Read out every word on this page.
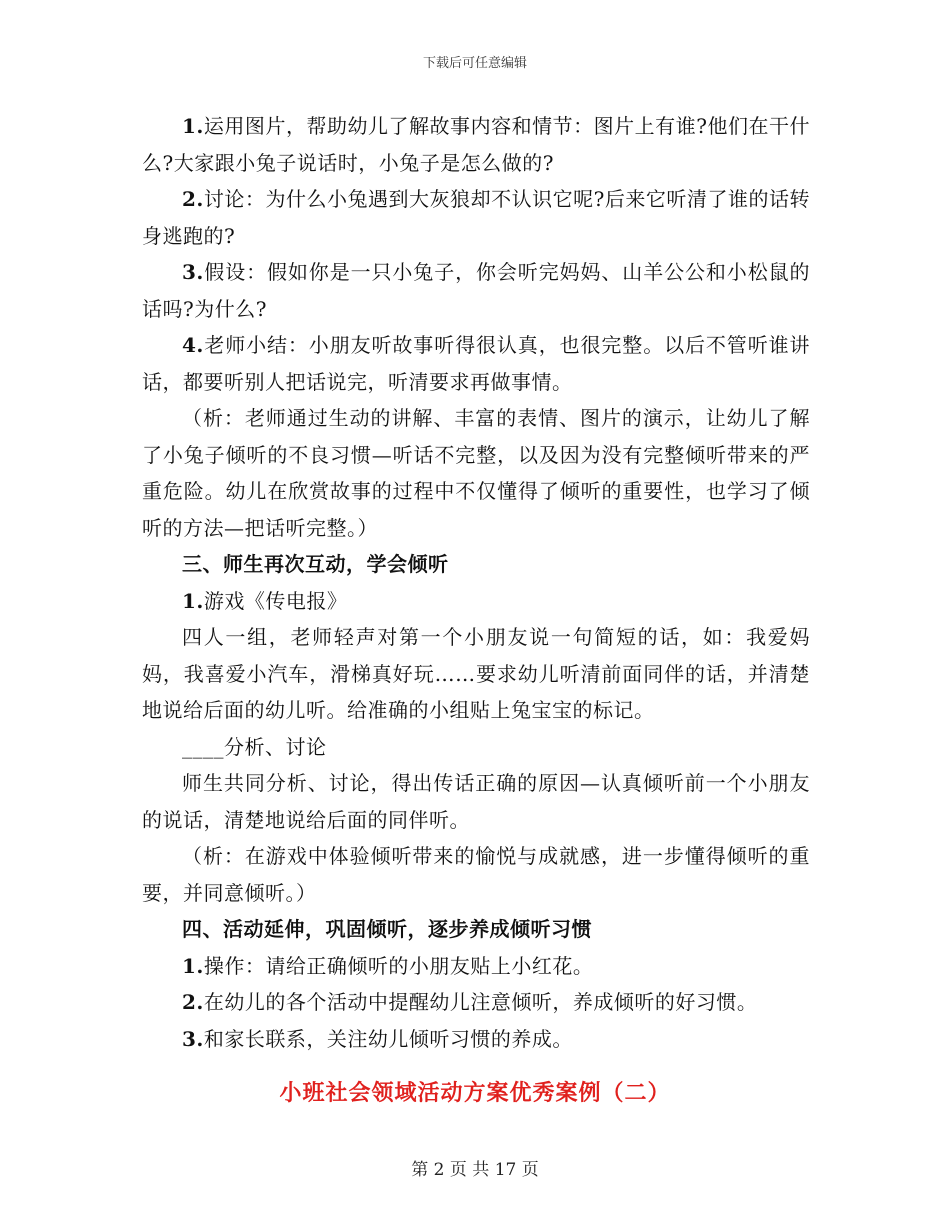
下载后可任意编辑

1.运用图片，帮助幼儿了解故事内容和情节：图片上有谁?他们在干什么?大家跟小兔子说话时，小兔子是怎么做的?

2.讨论：为什么小兔遇到大灰狼却不认识它呢?后来它听清了谁的话转身逃跑的?

3.假设：假如你是一只小兔子，你会听完妈妈、山羊公公和小松鼠的话吗?为什么?

4.老师小结：小朋友听故事听得很认真，也很完整。以后不管听谁讲话，都要听别人把话说完，听清要求再做事情。

（析：老师通过生动的讲解、丰富的表情、图片的演示，让幼儿了解了小兔子倾听的不良习惯—听话不完整，以及因为没有完整倾听带来的严重危险。幼儿在欣赏故事的过程中不仅懂得了倾听的重要性，也学习了倾听的方法—把话听完整。）

三、师生再次互动，学会倾听

1.游戏《传电报》

四人一组，老师轻声对第一个小朋友说一句简短的话，如：我爱妈妈，我喜爱小汽车，滑梯真好玩……要求幼儿听清前面同伴的话，并清楚地说给后面的幼儿听。给准确的小组贴上兔宝宝的标记。

____分析、讨论

师生共同分析、讨论，得出传话正确的原因—认真倾听前一个小朋友的说话，清楚地说给后面的同伴听。

（析：在游戏中体验倾听带来的愉悦与成就感，进一步懂得倾听的重要，并同意倾听。）

四、活动延伸，巩固倾听，逐步养成倾听习惯

1.操作：请给正确倾听的小朋友贴上小红花。

2.在幼儿的各个活动中提醒幼儿注意倾听，养成倾听的好习惯。

3.和家长联系，关注幼儿倾听习惯的养成。

小班社会领域活动方案优秀案例（二）
第 2 页 共 17 页
